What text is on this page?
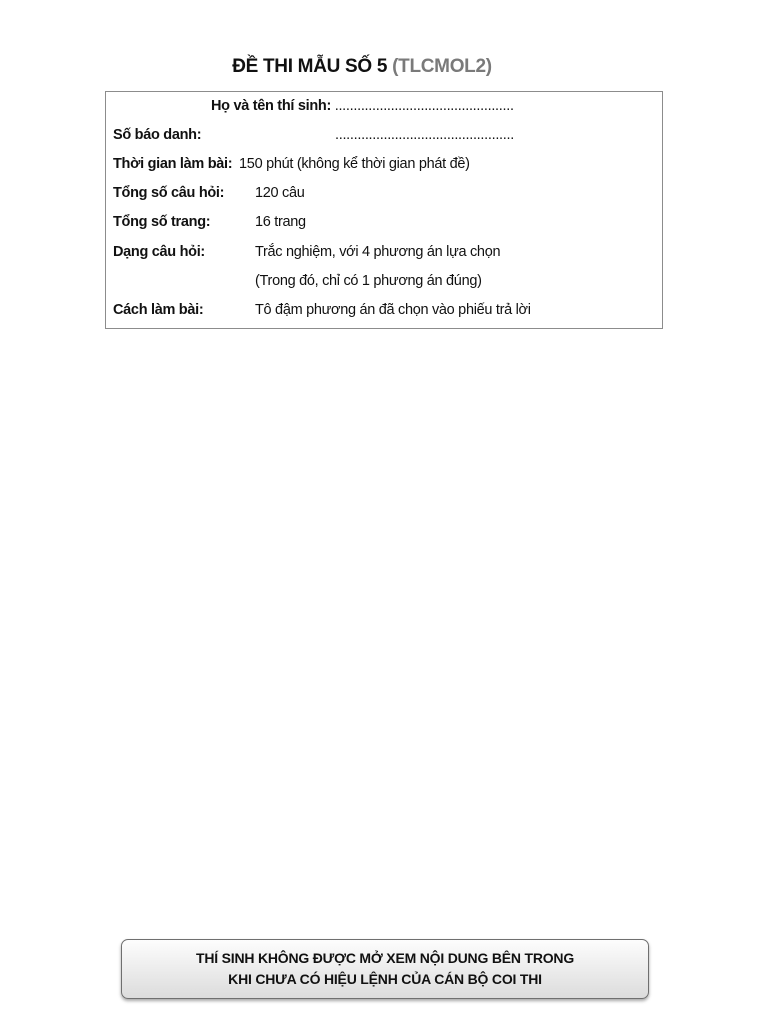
ĐỀ THI MẪU SỐ 5 (TLCMOL2)
Họ và tên thí sinh: ................................................
Số báo danh:	................................................
Thời gian làm bài: 150 phút (không kể thời gian phát đề)
Tổng số câu hỏi: 120 câu
Tổng số trang:	16 trang
Dạng câu hỏi:	Trắc nghiệm, với 4 phương án lựa chọn
(Trong đó, chỉ có 1 phương án đúng)
Cách làm bài:	Tô đậm phương án đã chọn vào phiếu trả lời
THÍ SINH KHÔNG ĐƯỢC MỞ XEM NỘI DUNG BÊN TRONG
KHI CHƯA CÓ HIỆU LỆNH CỦA CÁN BỘ COI THI
